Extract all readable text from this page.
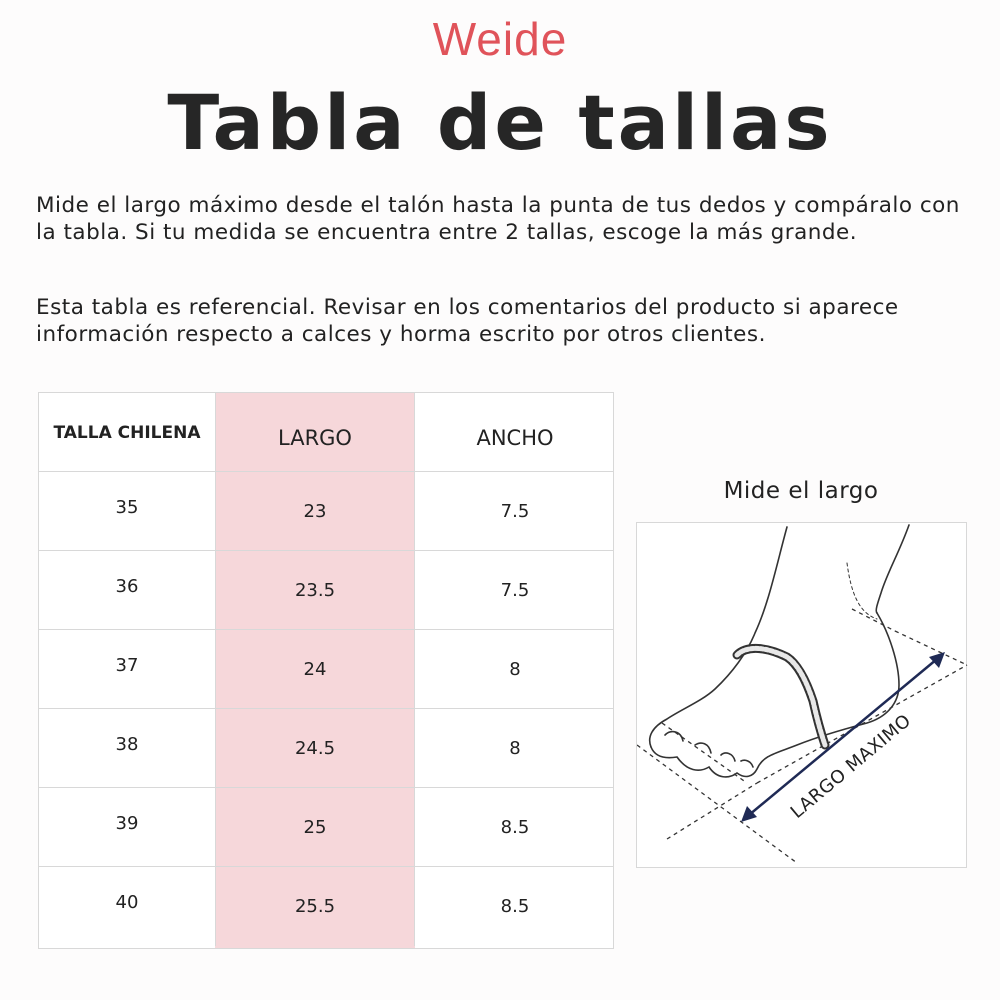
Weide
Tabla de tallas
Mide el largo máximo desde el talón hasta la punta de tus dedos y compáralo con la tabla. Si tu medida se encuentra entre 2 tallas, escoge la más grande.
Esta tabla es referencial. Revisar en los comentarios del producto si aparece información respecto a calces y horma escrito por otros clientes.
TALLA CHILENA	LARGO	ANCHO
35	23	7.5
36	23.5	7.5
37	24	8
38	24.5	8
39	25	8.5
40	25.5	8.5
Mide el largo
LARGO MAXIMO
